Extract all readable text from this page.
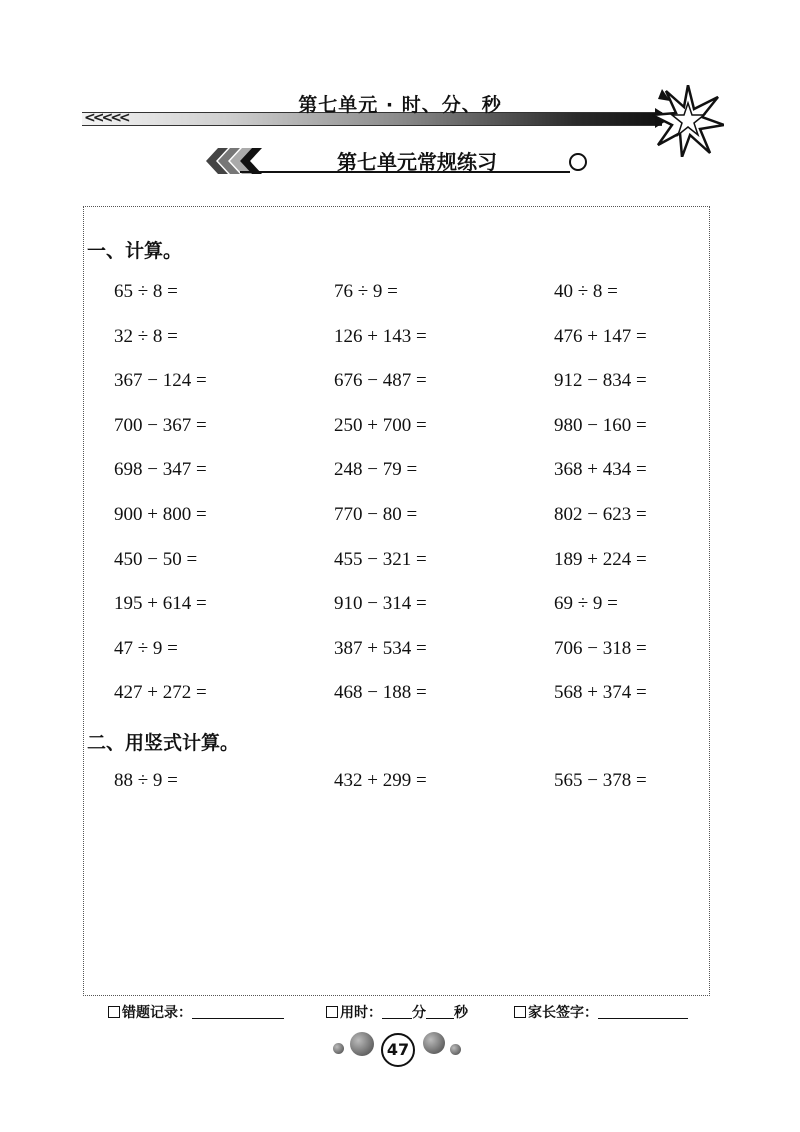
<<<<<
第七单元 · 时、分、秒
第七单元常规练习
一、计算。
65 ÷ 8 =	76 ÷ 9 =	40 ÷ 8 =
32 ÷ 8 =	126 + 143 =	476 + 147 =
367 − 124 =	676 − 487 =	912 − 834 =
700 − 367 =	250 + 700 =	980 − 160 =
698 − 347 =	248 − 79 =	368 + 434 =
900 + 800 =	770 − 80 =	802 − 623 =
450 − 50 =	455 − 321 =	189 + 224 =
195 + 614 =	910 − 314 =	69 ÷ 9 =
47 ÷ 9 =	387 + 534 =	706 − 318 =
427 + 272 =	468 − 188 =	568 + 374 =
二、用竖式计算。
88 ÷ 9 =	432 + 299 =	565 − 378 =
错题记录：	用时： 分 秒	家长签字：
47
